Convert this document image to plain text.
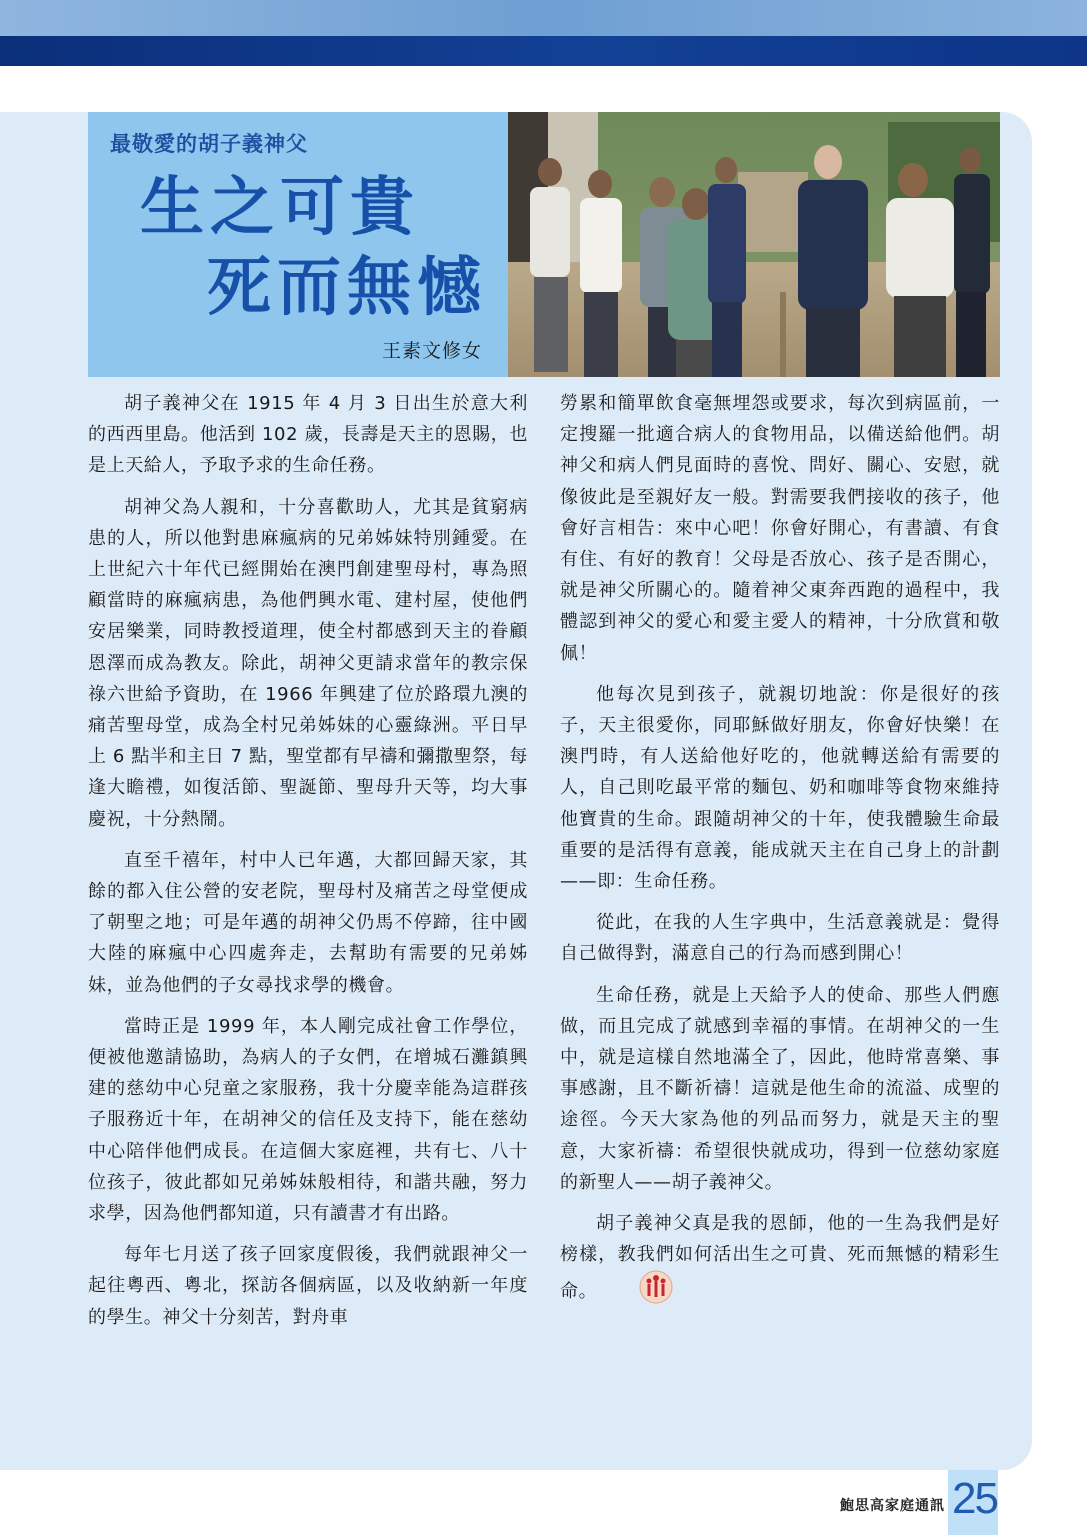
最敬愛的胡子義神父
生之可貴
死而無憾
王素文修女

胡子義神父在 1915 年 4 月 3 日出生於意大利的西西里島。他活到 102 歲，長壽是天主的恩賜，也是上天給人，予取予求的生命任務。

胡神父為人親和，十分喜歡助人，尤其是貧窮病患的人，所以他對患麻瘋病的兄弟姊妹特別鍾愛。在上世紀六十年代已經開始在澳門創建聖母村，專為照顧當時的麻瘋病患，為他們興水電、建村屋，使他們安居樂業，同時教授道理，使全村都感到天主的眷顧恩澤而成為教友。除此，胡神父更請求當年的教宗保祿六世給予資助，在 1966 年興建了位於路環九澳的痛苦聖母堂，成為全村兄弟姊妹的心靈綠洲。平日早上 6 點半和主日 7 點，聖堂都有早禱和彌撒聖祭，每逢大瞻禮，如復活節、聖誕節、聖母升天等，均大事慶祝，十分熱鬧。

直至千禧年，村中人已年邁，大都回歸天家，其餘的都入住公營的安老院，聖母村及痛苦之母堂便成了朝聖之地；可是年邁的胡神父仍馬不停蹄，往中國大陸的麻瘋中心四處奔走，去幫助有需要的兄弟姊妹，並為他們的子女尋找求學的機會。

當時正是 1999 年，本人剛完成社會工作學位，便被他邀請協助，為病人的子女們，在增城石灘鎮興建的慈幼中心兒童之家服務，我十分慶幸能為這群孩子服務近十年，在胡神父的信任及支持下，能在慈幼中心陪伴他們成長。在這個大家庭裡，共有七、八十位孩子，彼此都如兄弟姊妹般相待，和諧共融，努力求學，因為他們都知道，只有讀書才有出路。

每年七月送了孩子回家度假後，我們就跟神父一起往粵西、粵北，探訪各個病區，以及收納新一年度的學生。神父十分刻苦，對舟車

勞累和簡單飲食毫無埋怨或要求，每次到病區前，一定搜羅一批適合病人的食物用品，以備送給他們。胡神父和病人們見面時的喜悅、問好、關心、安慰，就像彼此是至親好友一般。對需要我們接收的孩子，他會好言相告：來中心吧！你會好開心，有書讀、有食有住、有好的教育！父母是否放心、孩子是否開心，就是神父所關心的。隨着神父東奔西跑的過程中，我體認到神父的愛心和愛主愛人的精神，十分欣賞和敬佩！

他每次見到孩子，就親切地說：你是很好的孩子，天主很愛你，同耶穌做好朋友，你會好快樂！在澳門時，有人送給他好吃的，他就轉送給有需要的人，自己則吃最平常的麵包、奶和咖啡等食物來維持他寶貴的生命。跟隨胡神父的十年，使我體驗生命最重要的是活得有意義，能成就天主在自己身上的計劃——即：生命任務。

從此，在我的人生字典中，生活意義就是：覺得自己做得對，滿意自己的行為而感到開心！

生命任務，就是上天給予人的使命、那些人們應做，而且完成了就感到幸福的事情。在胡神父的一生中，就是這樣自然地滿全了，因此，他時常喜樂、事事感謝，且不斷祈禱！這就是他生命的流溢、成聖的途徑。今天大家為他的列品而努力，就是天主的聖意，大家祈禱：希望很快就成功，得到一位慈幼家庭的新聖人——胡子義神父。

胡子義神父真是我的恩師，他的一生為我們是好榜樣，教我們如何活出生之可貴、死而無憾的精彩生命。

鮑思高家庭通訊 25
